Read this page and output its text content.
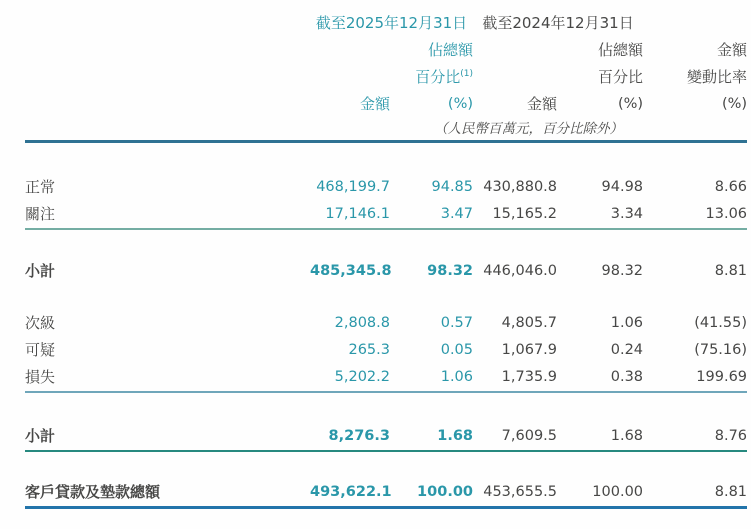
	截至2025年12月31日		截至2024年12月31日		
		佔總額		佔總額	金額
		百分比$^{(1)}$		百分比	變動比率
	金額	(%)	金額	(%)	(%)
	（人民幣百萬元，百分比除外）				

正常	468,199.7	94.85	430,880.8	94.98	8.66
關注	17,146.1	3.47	15,165.2	3.34	13.06

小計	485,345.8	98.32	446,046.0	98.32	8.81

次級	2,808.8	0.57	4,805.7	1.06	(41.55)
可疑	265.3	0.05	1,067.9	0.24	(75.16)
損失	5,202.2	1.06	1,735.9	0.38	199.69

小計	8,276.3	1.68	7,609.5	1.68	8.76

客戶貸款及墊款總額	493,622.1	100.00	453,655.5	100.00	8.81
